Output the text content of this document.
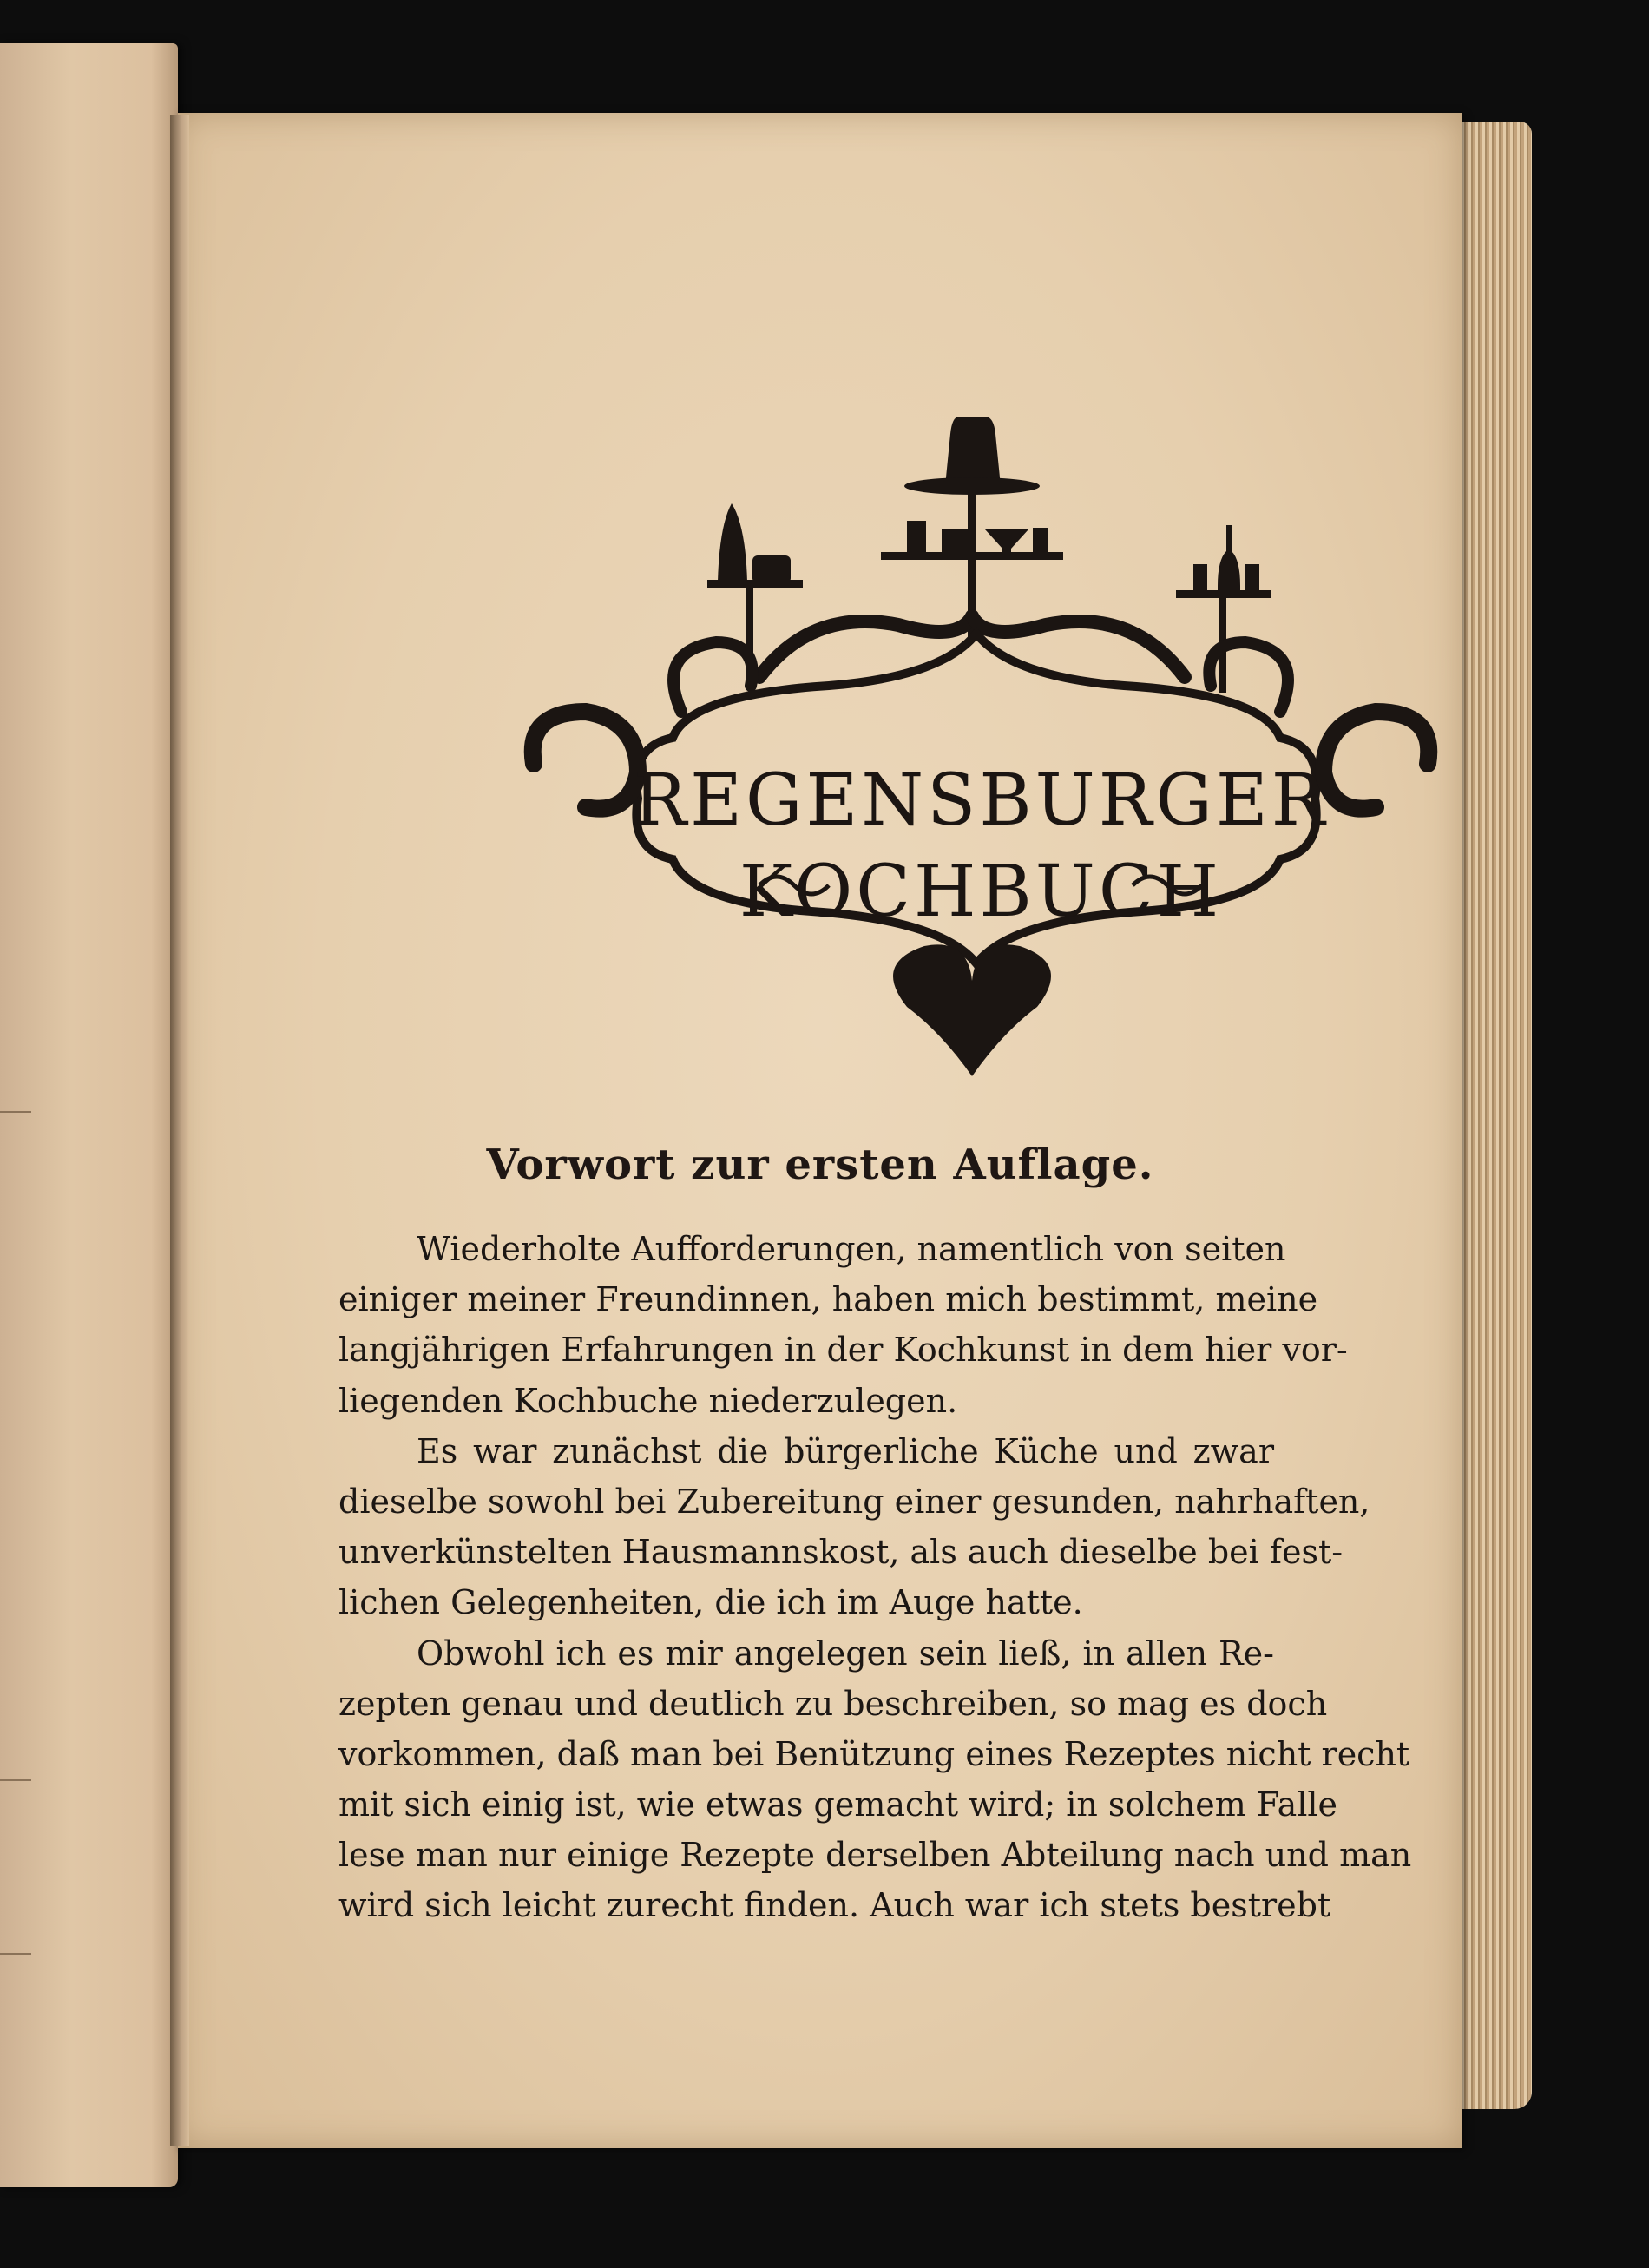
REGENSBURGER
KOCHBUCH
Vorwort zur ersten Auflage.
Wiederholte Aufforderungen, namentlich von seiten
einiger meiner Freundinnen, haben mich bestimmt, meine
langjährigen Erfahrungen in der Kochkunst in dem hier vor-
liegenden Kochbuche niederzulegen.
Es war zunächst die bürgerliche Küche und zwar
dieselbe sowohl bei Zubereitung einer gesunden, nahrhaften,
unverkünstelten Hausmannskost, als auch dieselbe bei fest-
lichen Gelegenheiten, die ich im Auge hatte.
Obwohl ich es mir angelegen sein ließ, in allen Re-
zepten genau und deutlich zu beschreiben, so mag es doch
vorkommen, daß man bei Benützung eines Rezeptes nicht recht
mit sich einig ist, wie etwas gemacht wird; in solchem Falle
lese man nur einige Rezepte derselben Abteilung nach und man
wird sich leicht zurecht finden. Auch war ich stets bestrebt
